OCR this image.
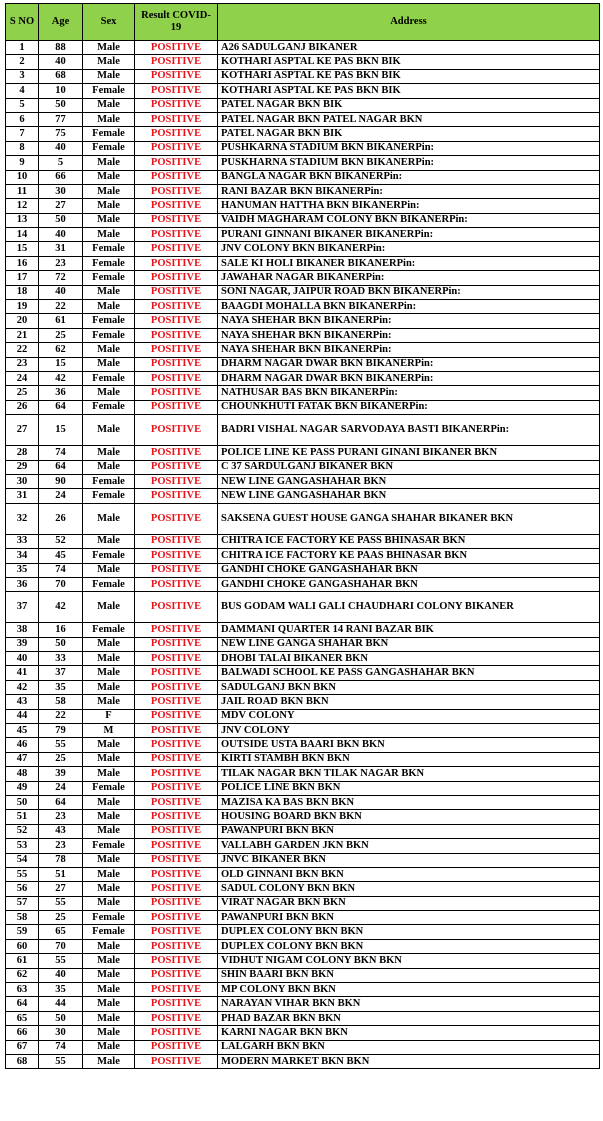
S NO	Age	Sex	Result COVID-19	Address
1	88	Male	POSITIVE	A26 SADULGANJ BIKANER
2	40	Male	POSITIVE	KOTHARI ASPTAL KE PAS BKN BIK
3	68	Male	POSITIVE	KOTHARI ASPTAL KE PAS BKN BIK
4	10	Female	POSITIVE	KOTHARI ASPTAL KE PAS BKN BIK
5	50	Male	POSITIVE	PATEL NAGAR BKN BIK
6	77	Male	POSITIVE	PATEL NAGAR BKN PATEL NAGAR BKN
7	75	Female	POSITIVE	PATEL NAGAR BKN BIK
8	40	Female	POSITIVE	PUSHKARNA STADIUM BKN BIKANERPin:
9	5	Male	POSITIVE	PUSKHARNA STADIUM BKN BIKANERPin:
10	66	Male	POSITIVE	BANGLA NAGAR BKN BIKANERPin:
11	30	Male	POSITIVE	RANI BAZAR BKN BIKANERPin:
12	27	Male	POSITIVE	HANUMAN HATTHA BKN BIKANERPin:
13	50	Male	POSITIVE	VAIDH MAGHARAM COLONY BKN BIKANERPin:
14	40	Male	POSITIVE	PURANI GINNANI BIKANER BIKANERPin:
15	31	Female	POSITIVE	JNV COLONY BKN BIKANERPin:
16	23	Female	POSITIVE	SALE KI HOLI BIKANER BIKANERPin:
17	72	Female	POSITIVE	JAWAHAR NAGAR BIKANERPin:
18	40	Male	POSITIVE	SONI NAGAR, JAIPUR ROAD BKN BIKANERPin:
19	22	Male	POSITIVE	BAAGDI MOHALLA BKN BIKANERPin:
20	61	Female	POSITIVE	NAYA SHEHAR BKN BIKANERPin:
21	25	Female	POSITIVE	NAYA SHEHAR BKN BIKANERPin:
22	62	Male	POSITIVE	NAYA SHEHAR BKN BIKANERPin:
23	15	Male	POSITIVE	DHARM NAGAR DWAR BKN BIKANERPin:
24	42	Female	POSITIVE	DHARM NAGAR DWAR BKN BIKANERPin:
25	36	Male	POSITIVE	NATHUSAR BAS BKN BIKANERPin:
26	64	Female	POSITIVE	CHOUNKHUTI FATAK BKN BIKANERPin:
27	15	Male	POSITIVE	BADRI VISHAL NAGAR SARVODAYA BASTI BIKANERPin:
28	74	Male	POSITIVE	POLICE LINE KE PASS PURANI GINANI BIKANER BKN
29	64	Male	POSITIVE	C 37 SARDULGANJ BIKANER BKN
30	90	Female	POSITIVE	NEW LINE GANGASHAHAR BKN
31	24	Female	POSITIVE	NEW LINE GANGASHAHAR BKN
32	26	Male	POSITIVE	SAKSENA GUEST HOUSE GANGA SHAHAR BIKANER BKN
33	52	Male	POSITIVE	CHITRA ICE FACTORY KE PASS BHINASAR BKN
34	45	Female	POSITIVE	CHITRA ICE FACTORY KE PAAS BHINASAR BKN
35	74	Male	POSITIVE	GANDHI CHOKE GANGASHAHAR BKN
36	70	Female	POSITIVE	GANDHI CHOKE GANGASHAHAR BKN
37	42	Male	POSITIVE	BUS GODAM WALI GALI CHAUDHARI COLONY BIKANER
38	16	Female	POSITIVE	DAMMANI QUARTER 14 RANI BAZAR BIK
39	50	Male	POSITIVE	NEW LINE GANGA SHAHAR BKN
40	33	Male	POSITIVE	DHOBI TALAI BIKANER BKN
41	37	Male	POSITIVE	BALWADI SCHOOL KE PASS GANGASHAHAR BKN
42	35	Male	POSITIVE	SADULGANJ BKN BKN
43	58	Male	POSITIVE	JAIL ROAD BKN BKN
44	22	F	POSITIVE	MDV COLONY
45	79	M	POSITIVE	JNV COLONY
46	55	Male	POSITIVE	OUTSIDE USTA BAARI BKN BKN
47	25	Male	POSITIVE	KIRTI STAMBH BKN BKN
48	39	Male	POSITIVE	TILAK NAGAR BKN TILAK NAGAR BKN
49	24	Female	POSITIVE	POLICE LINE BKN BKN
50	64	Male	POSITIVE	MAZISA KA BAS BKN BKN
51	23	Male	POSITIVE	HOUSING BOARD BKN BKN
52	43	Male	POSITIVE	PAWANPURI BKN BKN
53	23	Female	POSITIVE	VALLABH GARDEN JKN BKN
54	78	Male	POSITIVE	JNVC BIKANER BKN
55	51	Male	POSITIVE	OLD GINNANI BKN BKN
56	27	Male	POSITIVE	SADUL COLONY BKN BKN
57	55	Male	POSITIVE	VIRAT NAGAR BKN BKN
58	25	Female	POSITIVE	PAWANPURI BKN BKN
59	65	Female	POSITIVE	DUPLEX COLONY BKN BKN
60	70	Male	POSITIVE	DUPLEX COLONY BKN BKN
61	55	Male	POSITIVE	VIDHUT NIGAM COLONY BKN BKN
62	40	Male	POSITIVE	SHIN BAARI BKN BKN
63	35	Male	POSITIVE	MP COLONY BKN BKN
64	44	Male	POSITIVE	NARAYAN VIHAR BKN BKN
65	50	Male	POSITIVE	PHAD BAZAR BKN BKN
66	30	Male	POSITIVE	KARNI NAGAR BKN BKN
67	74	Male	POSITIVE	LALGARH BKN BKN
68	55	Male	POSITIVE	MODERN MARKET BKN BKN
